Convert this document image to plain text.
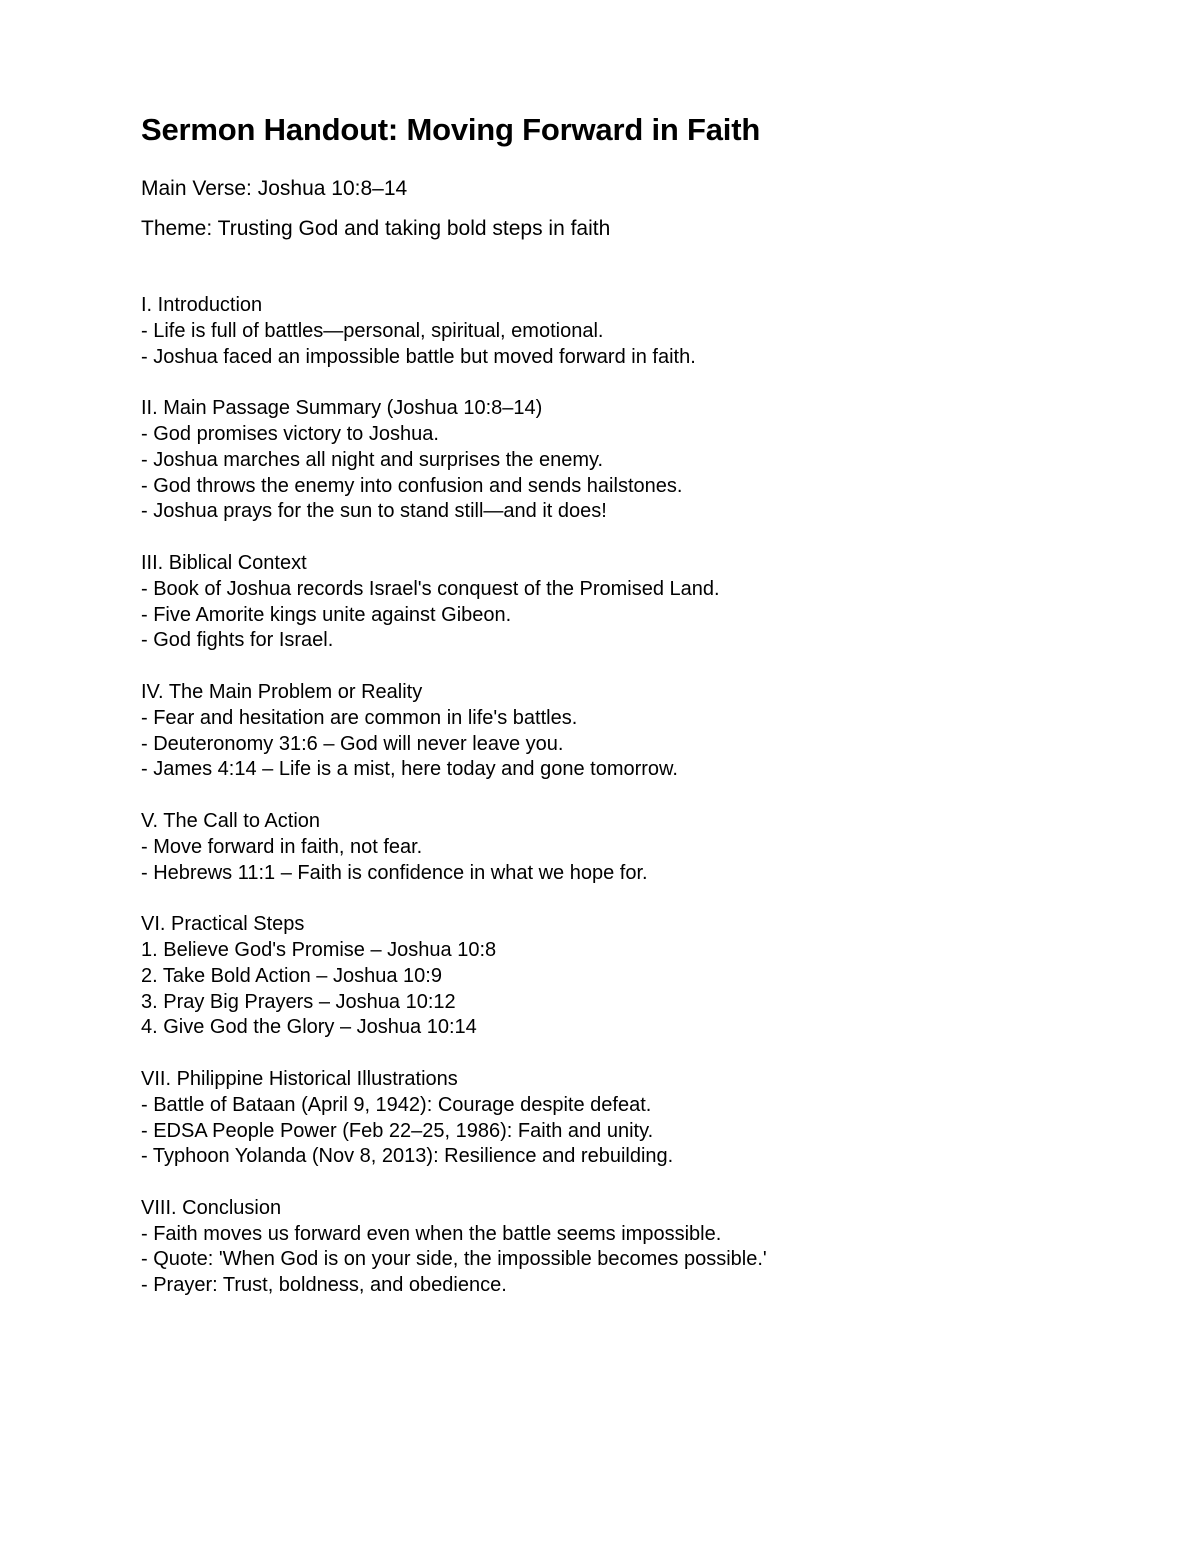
Sermon Handout: Moving Forward in Faith

Main Verse: Joshua 10:8–14

Theme: Trusting God and taking bold steps in faith

I. Introduction

- Life is full of battles—personal, spiritual, emotional.

- Joshua faced an impossible battle but moved forward in faith.

II. Main Passage Summary (Joshua 10:8–14)

- God promises victory to Joshua.

- Joshua marches all night and surprises the enemy.

- God throws the enemy into confusion and sends hailstones.

- Joshua prays for the sun to stand still—and it does!

III. Biblical Context

- Book of Joshua records Israel's conquest of the Promised Land.

- Five Amorite kings unite against Gibeon.

- God fights for Israel.

IV. The Main Problem or Reality

- Fear and hesitation are common in life's battles.

- Deuteronomy 31:6 – God will never leave you.

- James 4:14 – Life is a mist, here today and gone tomorrow.

V. The Call to Action

- Move forward in faith, not fear.

- Hebrews 11:1 – Faith is confidence in what we hope for.

VI. Practical Steps

1. Believe God's Promise – Joshua 10:8

2. Take Bold Action – Joshua 10:9

3. Pray Big Prayers – Joshua 10:12

4. Give God the Glory – Joshua 10:14

VII. Philippine Historical Illustrations

- Battle of Bataan (April 9, 1942): Courage despite defeat.

- EDSA People Power (Feb 22–25, 1986): Faith and unity.

- Typhoon Yolanda (Nov 8, 2013): Resilience and rebuilding.

VIII. Conclusion

- Faith moves us forward even when the battle seems impossible.

- Quote: 'When God is on your side, the impossible becomes possible.'

- Prayer: Trust, boldness, and obedience.
